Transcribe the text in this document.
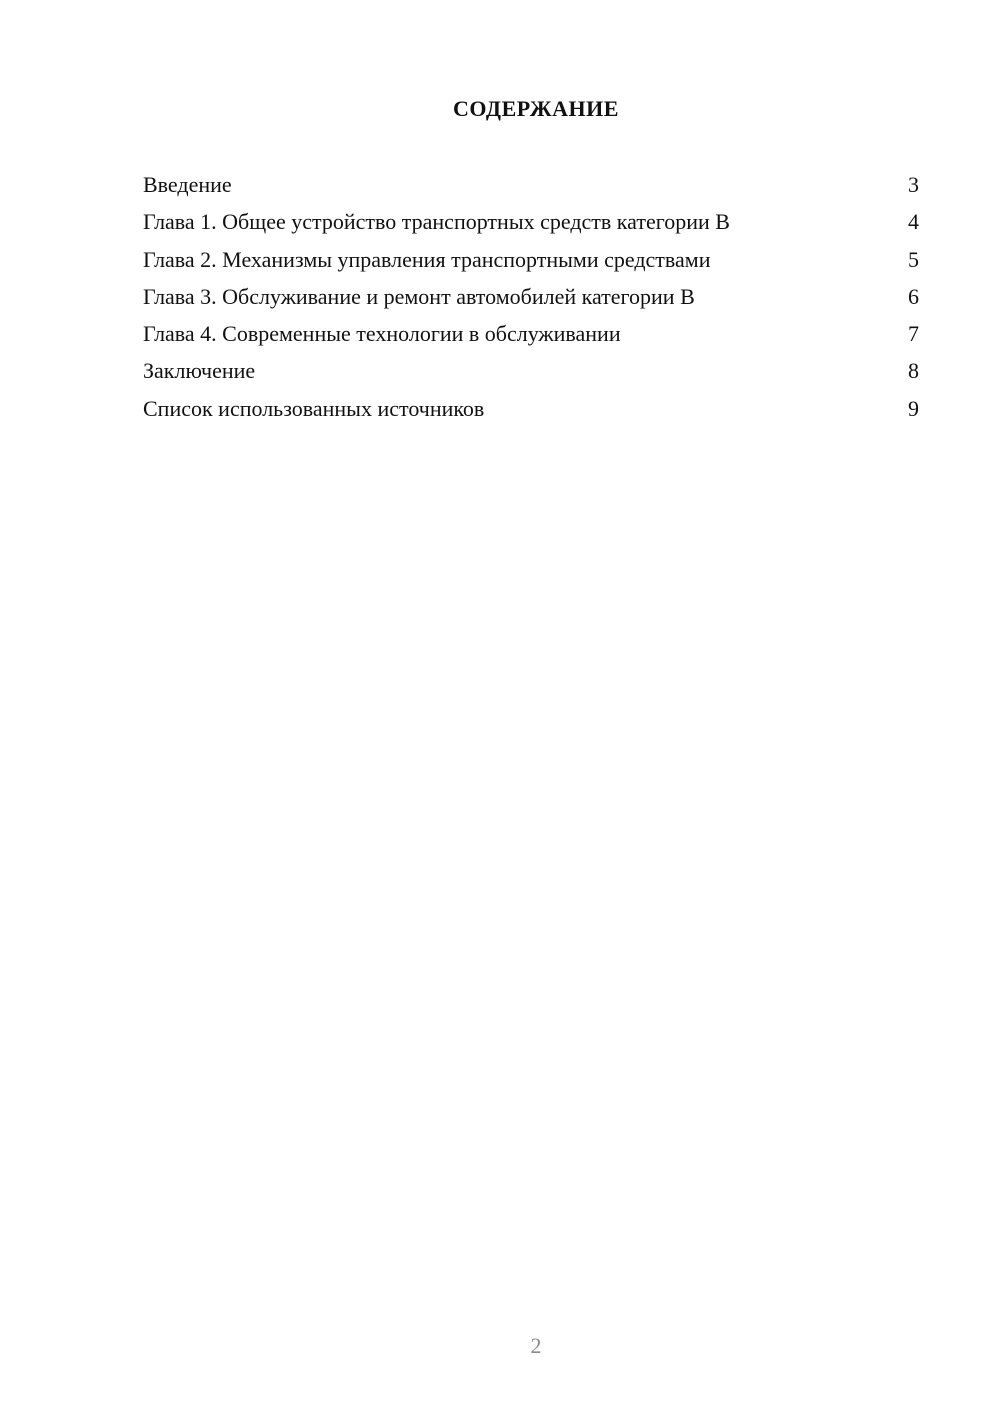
СОДЕРЖАНИЕ
Введение	3
Глава 1. Общее устройство транспортных средств категории В	4
Глава 2. Механизмы управления транспортными средствами	5
Глава 3. Обслуживание и ремонт автомобилей категории В	6
Глава 4. Современные технологии в обслуживании	7
Заключение	8
Список использованных источников	9
2
